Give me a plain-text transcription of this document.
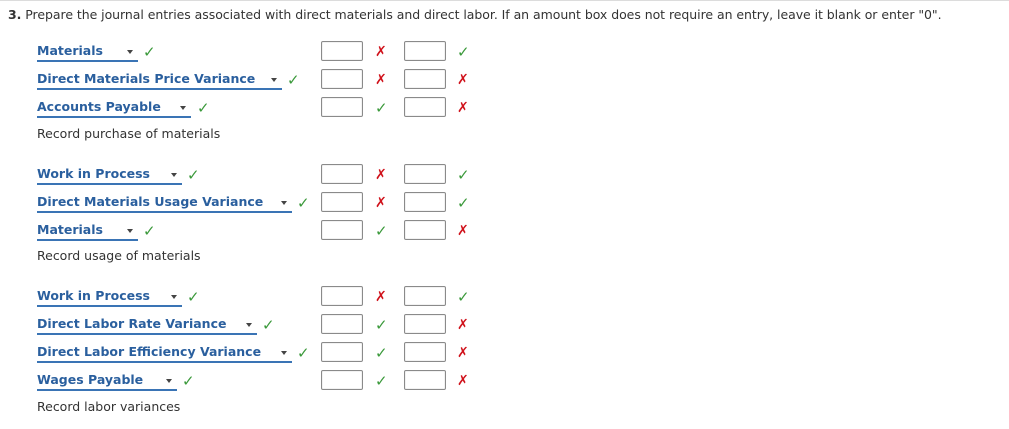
3. Prepare the journal entries associated with direct materials and direct labor. If an amount box does not require an entry, leave it blank or enter "0".
Materials	✓	✗	✓
Direct Materials Price Variance ✓	✗	✗
Accounts Payable ✓	✓	✗
Record purchase of materials
Work in Process ✓	✗	✓
Direct Materials Usage Variance ✓	✗	✓
Materials	✓	✓	✗
Record usage of materials
Work in Process ✓	✗	✓
Direct Labor Rate Variance ✓	✓	✗
Direct Labor Efficiency Variance ✓	✓	✗
Wages Payable	✓	✓	✗
Record labor variances
